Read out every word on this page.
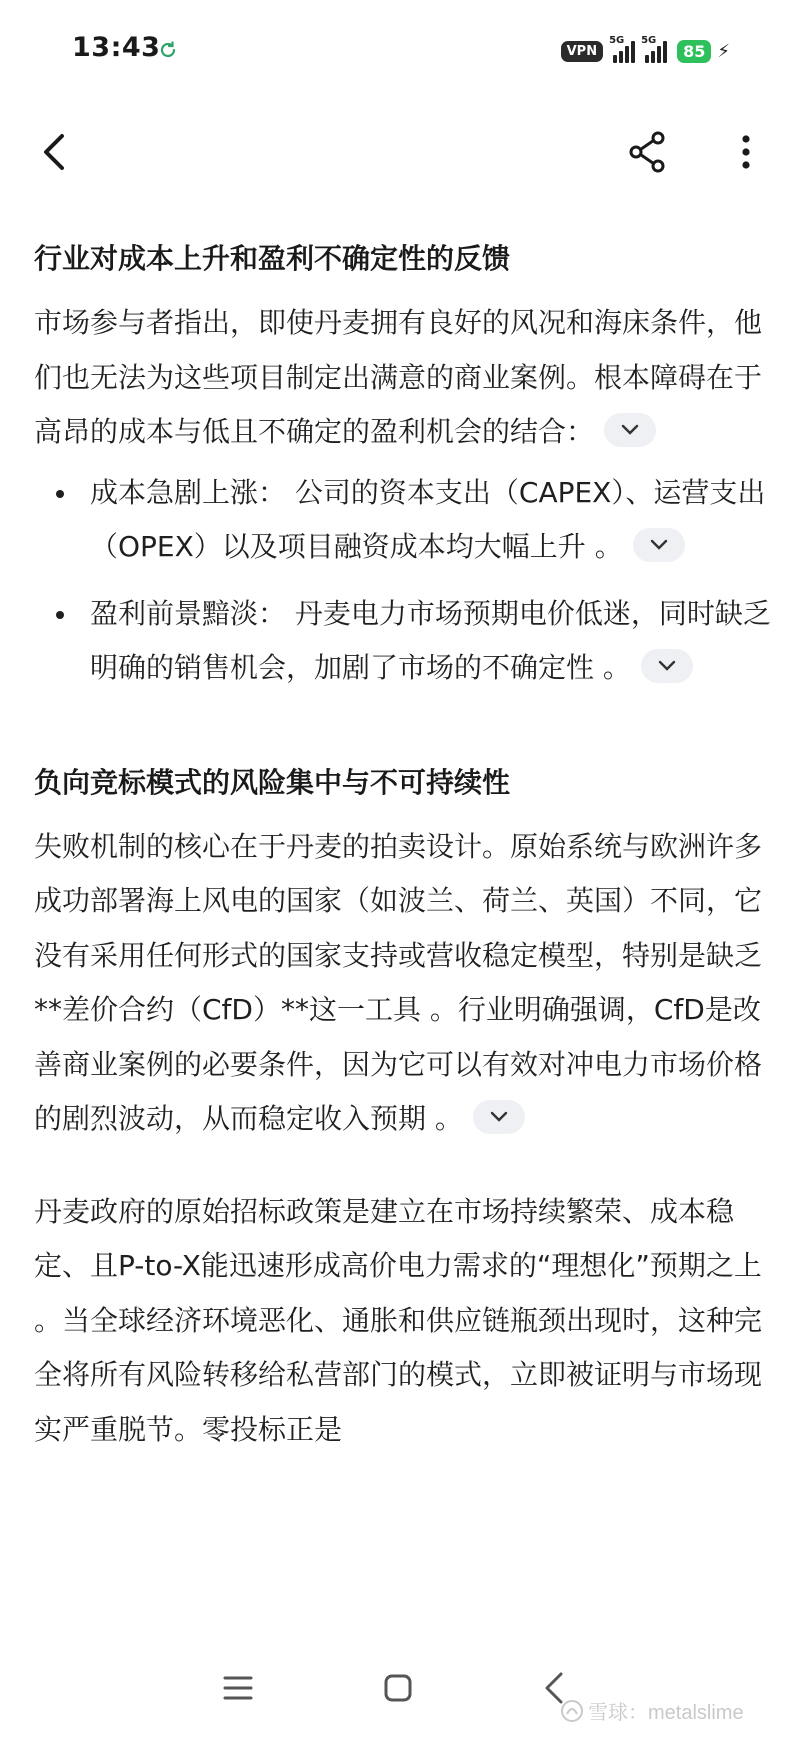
13:43	VPN
5G 5G
85 ⚡
行业对成本上升和盈利不确定性的反馈

市场参与者指出，即使丹麦拥有良好的风况和海床条件，他们也无法为这些项目制定出满意的商业案例。根本障碍在于高昂的成本与低且不确定的盈利机会的结合：

成本急剧上涨： 公司的资本支出（CAPEX）、运营支出（OPEX）以及项目融资成本均大幅上升 。
盈利前景黯淡： 丹麦电力市场预期电价低迷，同时缺乏明确的销售机会，加剧了市场的不确定性 。
负向竞标模式的风险集中与不可持续性

失败机制的核心在于丹麦的拍卖设计。原始系统与欧洲许多成功部署海上风电的国家（如波兰、荷兰、英国）不同，它没有采用任何形式的国家支持或营收稳定模型，特别是缺乏**差价合约（CfD）**这一工具 。行业明确强调，CfD是改善商业案例的必要条件，因为它可以有效对冲电力市场价格的剧烈波动，从而稳定收入预期 。

丹麦政府的原始招标政策是建立在市场持续繁荣、成本稳定、且P-to-X能迅速形成高价电力需求的“理想化”预期之上 。当全球经济环境恶化、通胀和供应链瓶颈出现时，这种完全将所有风险转移给私营部门的模式，立即被证明与市场现实严重脱节。零投标正是

雪球：metalslime
